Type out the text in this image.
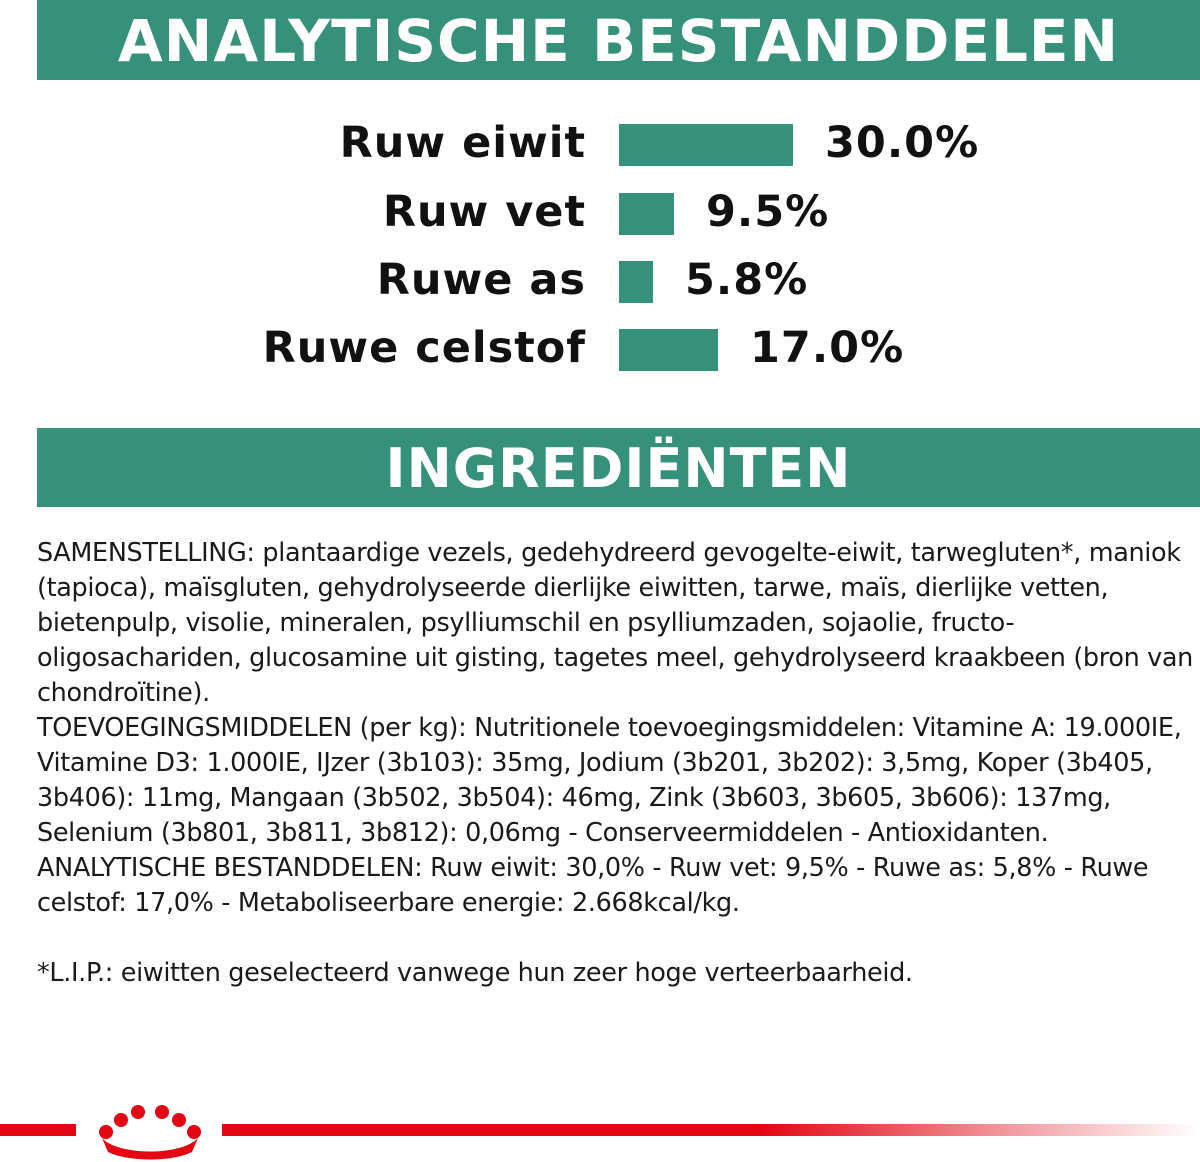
ANALYTISCHE BESTANDDELEN
Ruw eiwit	30.0%
Ruw vet	9.5%
Ruwe as 5.8%
Ruwe celstof	17.0%
INGREDIËNTEN

SAMENSTELLING: plantaardige vezels, gedehydreerd gevogelte-eiwit, tarwegluten*, maniok (tapioca), maïsgluten, gehydrolyseerde dierlijke eiwitten, tarwe, maïs, dierlijke vetten, bietenpulp, visolie, mineralen, psylliumschil en psylliumzaden, sojaolie, fructo-oligosachariden, glucosamine uit gisting, tagetes meel, gehydrolyseerd kraakbeen (bron van chondroïtine).

TOEVOEGINGSMIDDELEN (per kg): Nutritionele toevoegingsmiddelen: Vitamine A: 19.000IE, Vitamine D3: 1.000IE, IJzer (3b103): 35mg, Jodium (3b201, 3b202): 3,5mg, Koper (3b405, 3b406): 11mg, Mangaan (3b502, 3b504): 46mg, Zink (3b603, 3b605, 3b606): 137mg, Selenium (3b801, 3b811, 3b812): 0,06mg - Conserveermiddelen - Antioxidanten.

ANALYTISCHE BESTANDDELEN: Ruw eiwit: 30,0% - Ruw vet: 9,5% - Ruwe as: 5,8% - Ruwe celstof: 17,0% - Metaboliseerbare energie: 2.668kcal/kg.

*L.I.P.: eiwitten geselecteerd vanwege hun zeer hoge verteerbaarheid.
